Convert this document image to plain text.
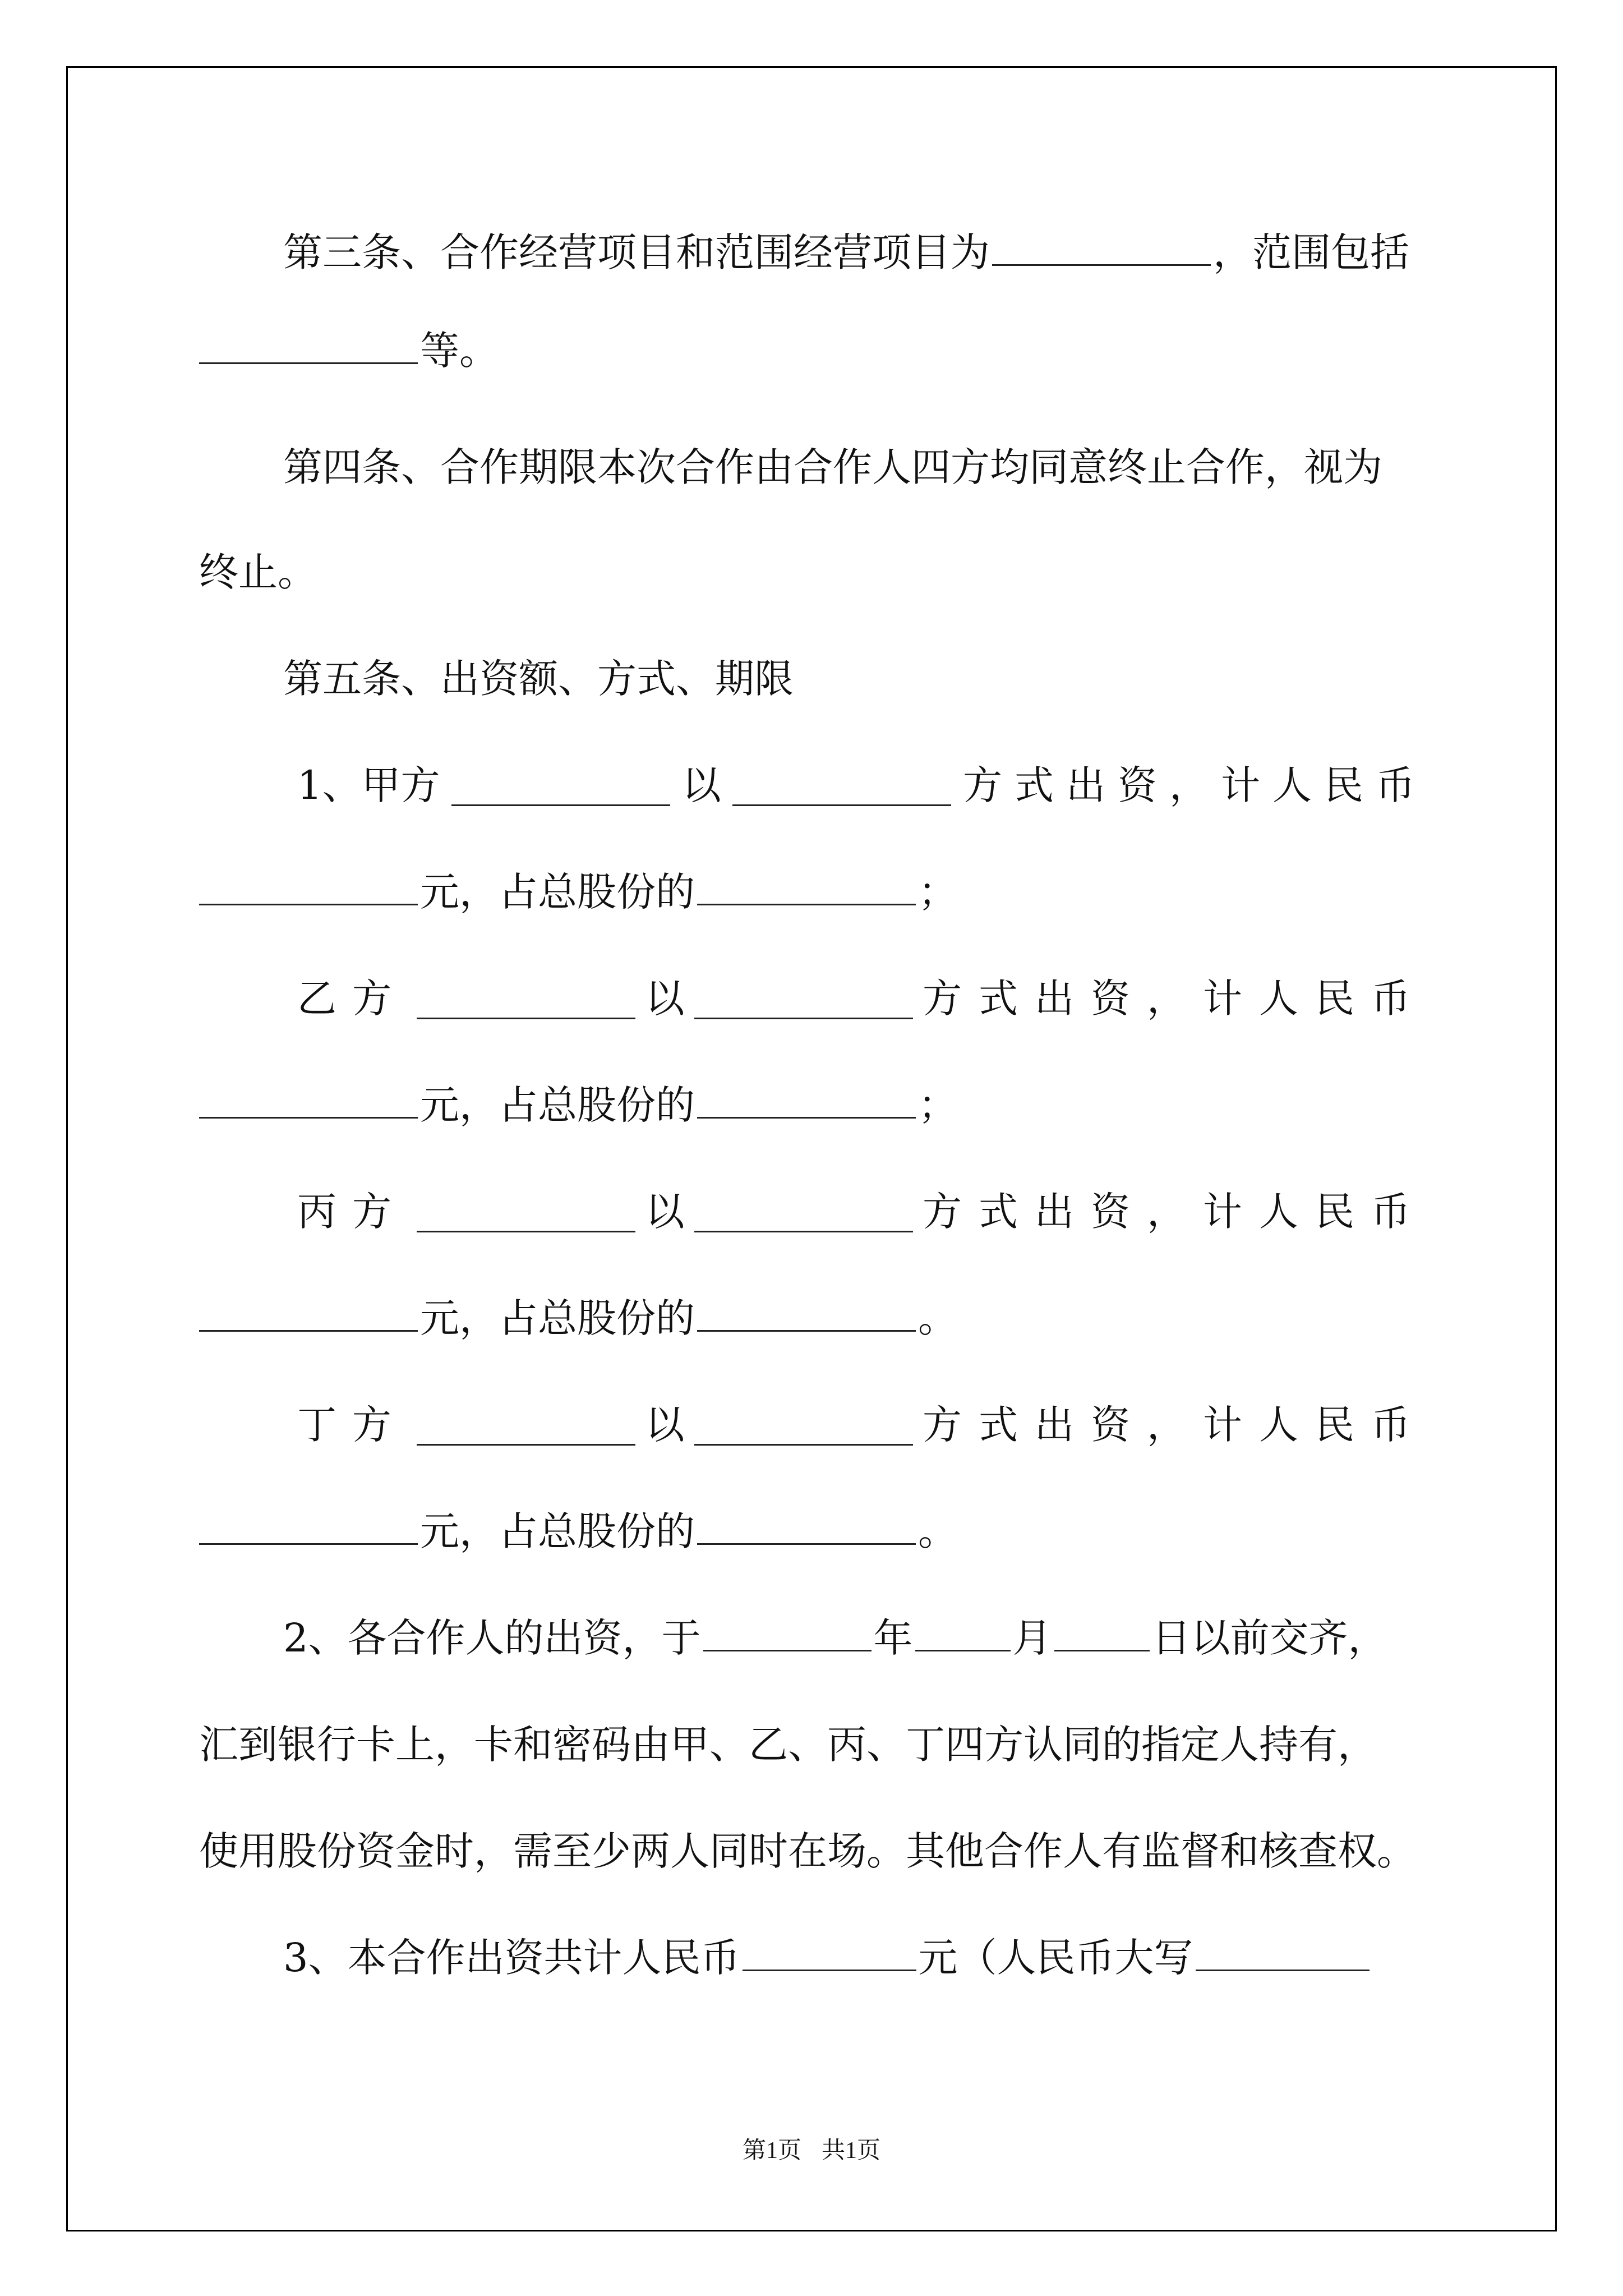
第三条、合作经营项目和范围经营项目为	，范围包括
等。
第四条、合作期限本次合作由合作人四方均同意终止合作，视为
终止。
第五条、出资额、方式、期限
1、甲方	以	方式出资，计人民币
元，占总股份的	；
乙方	以	方式出资，计人民币
元，占总股份的	；
丙方	以	方式出资，计人民币
元，占总股份的	。
丁方	以	方式出资，计人民币
元，占总股份的	。
2、各合作人的出资，于	年	月	日以前交齐，
汇到银行卡上，卡和密码由甲、乙、丙、丁四方认同的指定人持有，
使用股份资金时，需至少两人同时在场。其他合作人有监督和核查权。
3、本合作出资共计人民币	元（人民币大写
第1页 共1页
